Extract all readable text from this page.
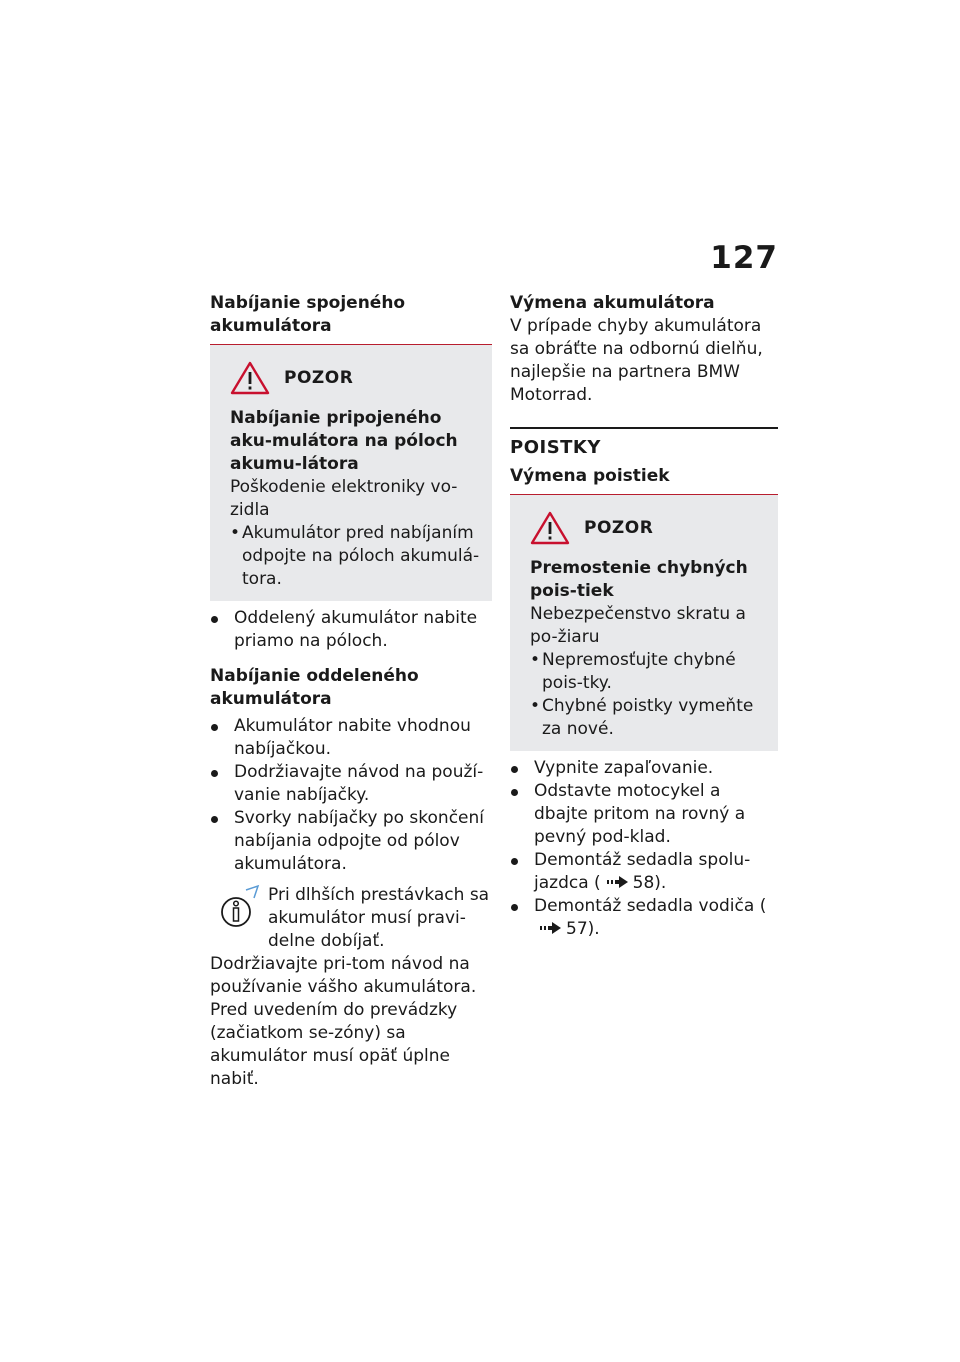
127
Nabíjanie spojeného akumulátora
POZOR
Nabíjanie pripojeného aku-mulátora na póloch akumu-látora
Poškodenie elektroniky vo-zidla
• Akumulátor pred nabíjaním odpojte na póloch akumulá-tora.
Oddelený akumulátor nabite priamo na póloch.
Nabíjanie oddeleného akumulátora
Akumulátor nabite vhodnou nabíjačkou.
Dodržiavajte návod na použí-vanie nabíjačky.
Svorky nabíjačky po skončení nabíjania odpojte od pólov akumulátora.
Pri dlhších prestávkach sa akumulátor musí pravi-delne dobíjať. Dodržiavajte pri-tom návod na používanie vášho akumulátora. Pred uvedením do prevádzky (začiatkom se-zóny) sa akumulátor musí opäť úplne nabiť.
Výmena akumulátora

V prípade chyby akumulátora sa obráťte na odbornú dielňu, najlepšie na partnera BMW Motorrad.

POISTKY
Výmena poistiek
POZOR
Premostenie chybných pois-tiek
Nebezpečenstvo skratu a po-žiaru
• Nepremosťujte chybné pois-tky.
• Chybné poistky vymeňte za nové.
Vypnite zapaľovanie.
Odstavte motocykel a dbajte pritom na rovný a pevný pod-klad.
Demontáž sedadla spolu-jazdca ( 58).
Demontáž sedadla vodiča (57).
